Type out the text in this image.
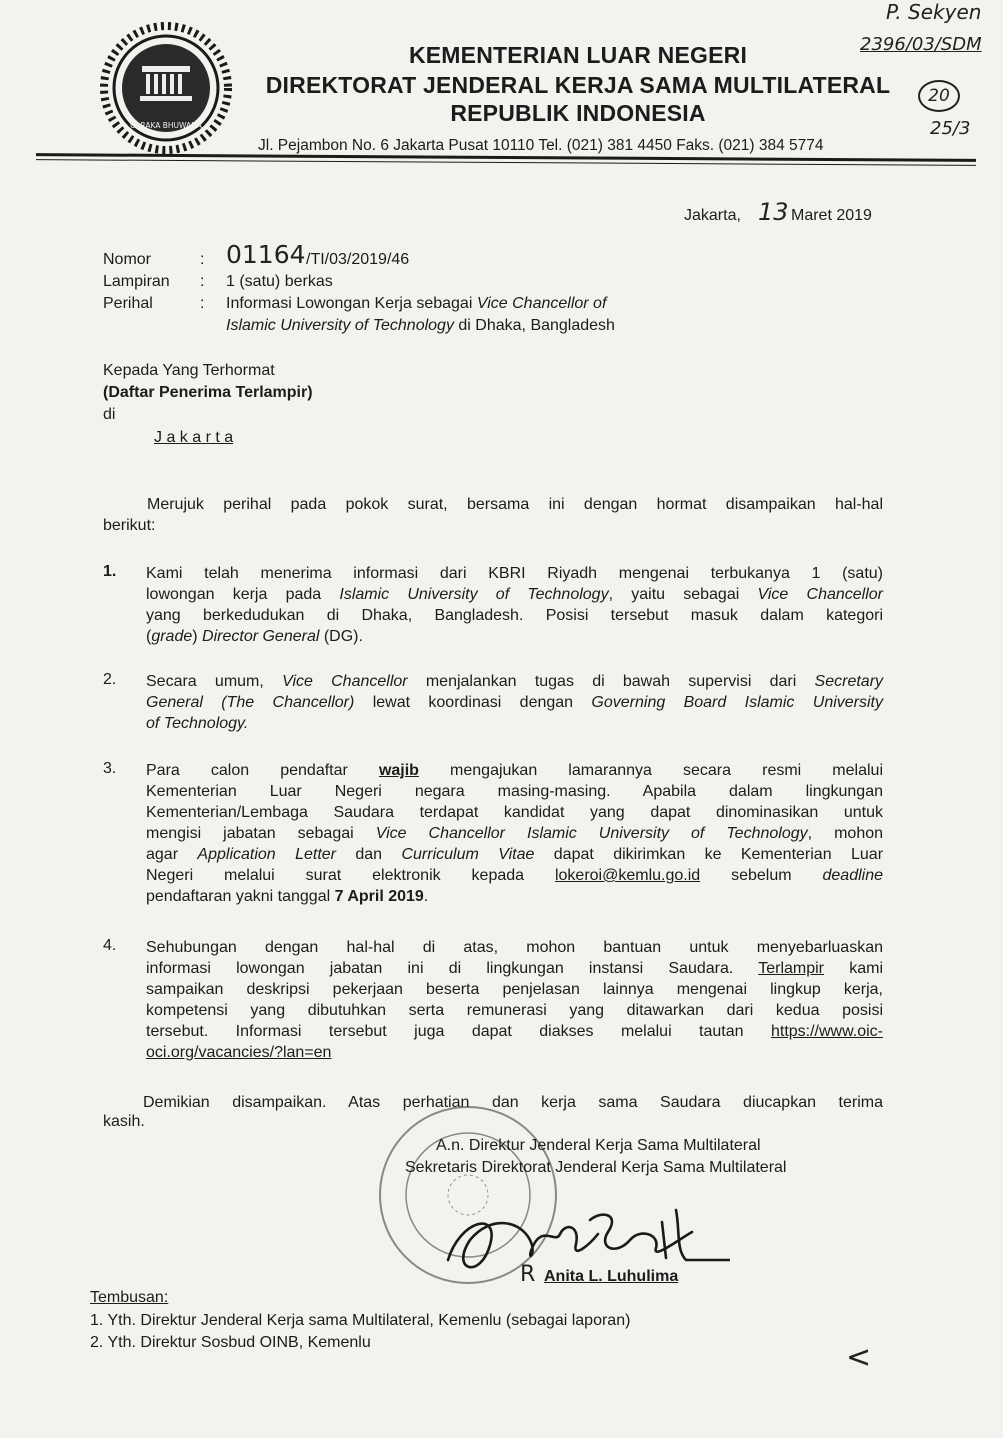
CARAKA BHUWANA
KEMENTERIAN LUAR NEGERI
DIREKTORAT JENDERAL KERJA SAMA MULTILATERAL
REPUBLIK INDONESIA
Jl. Pejambon No. 6 Jakarta Pusat 10110 Tel. (021) 381 4450 Faks. (021) 384 5774
P. Sekyen
2396/03/SDM
20
25/3
Jakarta, 13 Maret 2019
Nomor	: 01164 /TI/03/2019/46
Lampiran : 1 (satu) berkas
Perihal	: Informasi Lowongan Kerja sebagai Vice Chancellor of
Islamic University of Technology di Dhaka, Bangladesh
Kepada Yang Terhormat
(Daftar Penerima Terlampir)
di
J a k a r t a
Merujuk perihal pada pokok surat, bersama ini dengan hormat disampaikan hal-hal
berikut:
1. Kami telah menerima informasi dari KBRI Riyadh mengenai terbukanya 1 (satu)
lowongan kerja pada Islamic University of Technology, yaitu sebagai Vice Chancellor
yang berkedudukan di Dhaka, Bangladesh. Posisi tersebut masuk dalam kategori
(grade) Director General (DG).
2. Secara umum, Vice Chancellor menjalankan tugas di bawah supervisi dari Secretary
General (The Chancellor) lewat koordinasi dengan Governing Board Islamic University
of Technology.
3. Para calon pendaftar wajib mengajukan lamarannya secara resmi melalui
Kementerian Luar Negeri negara masing-masing. Apabila dalam lingkungan
Kementerian/Lembaga Saudara terdapat kandidat yang dapat dinominasikan untuk
mengisi jabatan sebagai Vice Chancellor Islamic University of Technology, mohon
agar Application Letter dan Curriculum Vitae dapat dikirimkan ke Kementerian Luar
Negeri melalui surat elektronik kepada lokeroi@kemlu.go.id sebelum deadline
pendaftaran yakni tanggal 7 April 2019.
4. Sehubungan dengan hal-hal di atas, mohon bantuan untuk menyebarluaskan
informasi lowongan jabatan ini di lingkungan instansi Saudara. Terlampir kami
sampaikan deskripsi pekerjaan beserta penjelasan lainnya mengenai lingkup kerja,
kompetensi yang dibutuhkan serta remunerasi yang ditawarkan dari kedua posisi
tersebut. Informasi tersebut juga dapat diakses melalui tautan https://www.oic-
oci.org/vacancies/?lan=en
Demikian disampaikan. Atas perhatian dan kerja sama Saudara diucapkan terima
kasih.
A.n. Direktur Jenderal Kerja Sama Multilateral
Sekretaris Direktorat Jenderal Kerja Sama Multilateral
R Anita L. Luhulima
Tembusan:
1. Yth. Direktur Jenderal Kerja sama Multilateral, Kemenlu (sebagai laporan)
2. Yth. Direktur Sosbud OINB, Kemenlu	<
